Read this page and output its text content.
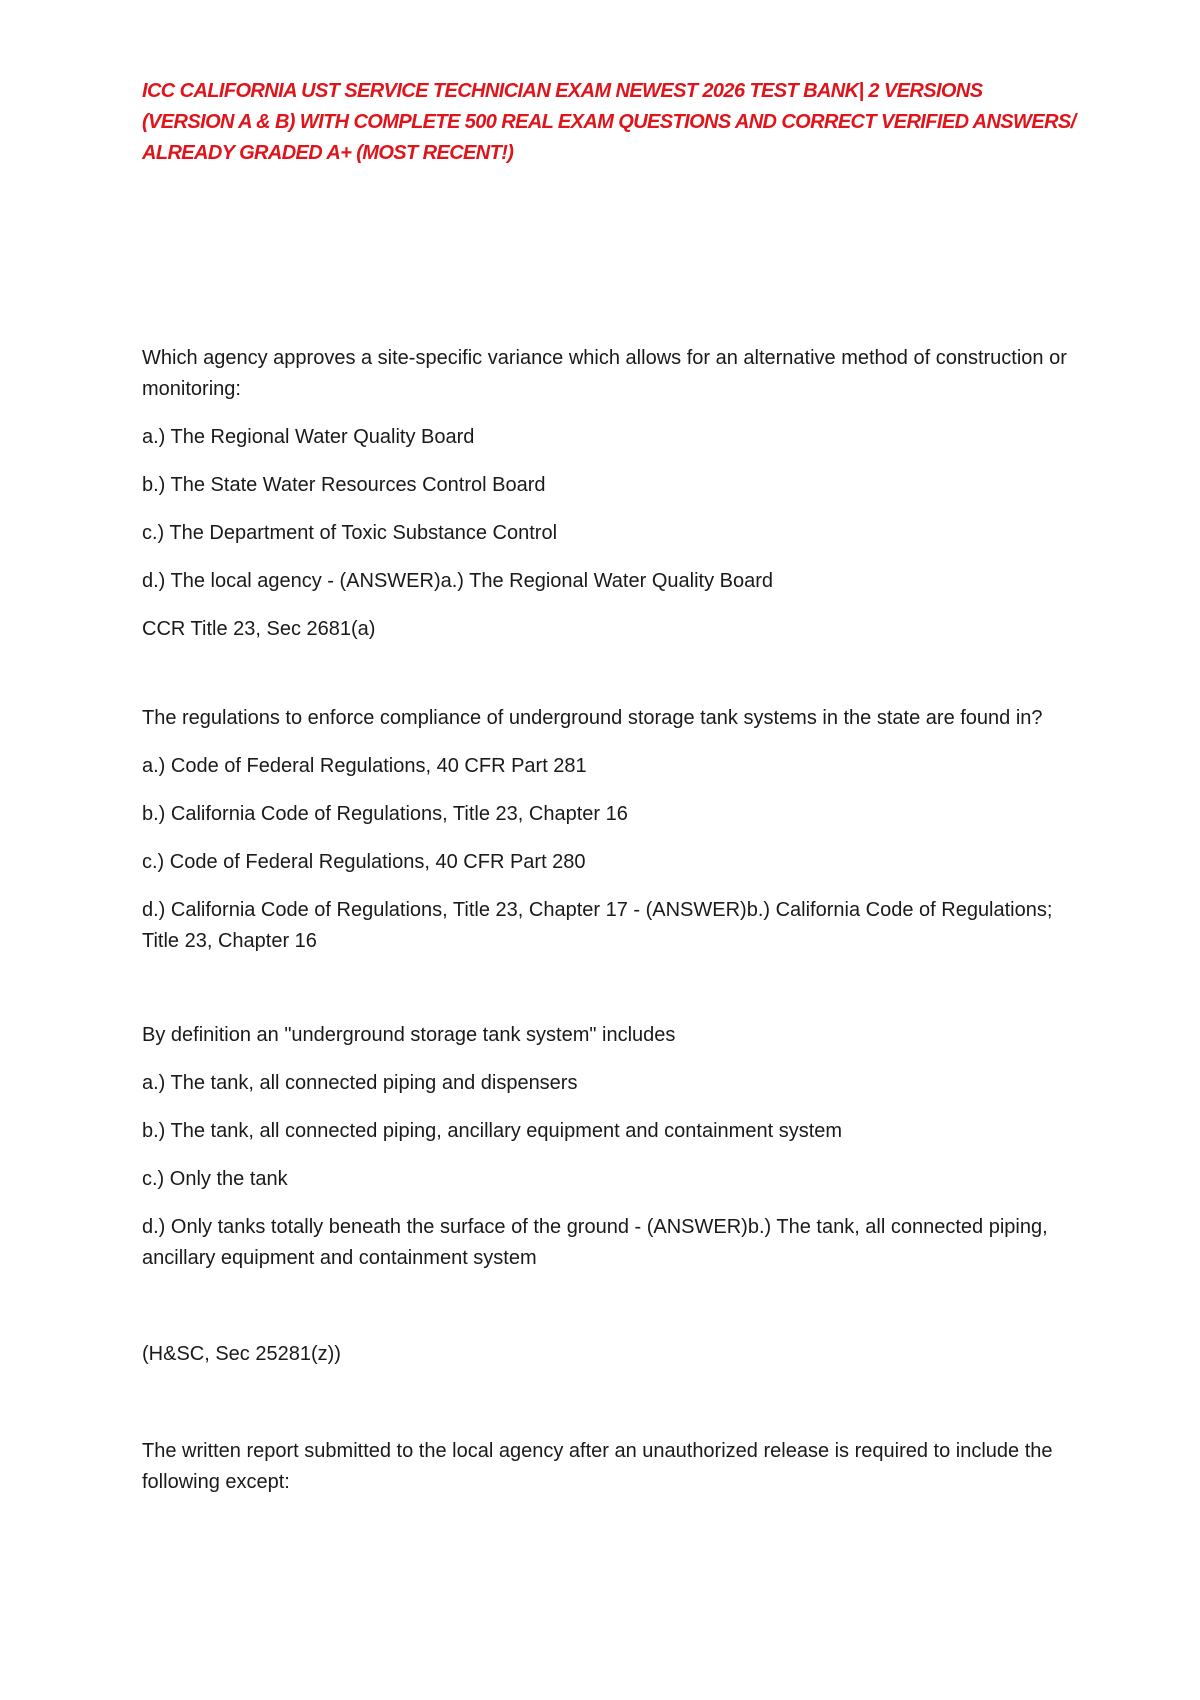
ICC CALIFORNIA UST SERVICE TECHNICIAN EXAM NEWEST 2026 TEST BANK| 2 VERSIONS (VERSION A & B) WITH COMPLETE 500 REAL EXAM QUESTIONS AND CORRECT VERIFIED ANSWERS/ ALREADY GRADED A+ (MOST RECENT!)

Which agency approves a site-specific variance which allows for an alternative method of construction or monitoring:

a.) The Regional Water Quality Board

b.) The State Water Resources Control Board

c.) The Department of Toxic Substance Control

d.) The local agency - (ANSWER)a.) The Regional Water Quality Board

CCR Title 23, Sec 2681(a)

The regulations to enforce compliance of underground storage tank systems in the state are found in?

a.) Code of Federal Regulations, 40 CFR Part 281

b.) California Code of Regulations, Title 23, Chapter 16

c.) Code of Federal Regulations, 40 CFR Part 280

d.) California Code of Regulations, Title 23, Chapter 17 - (ANSWER)b.) California Code of Regulations; Title 23, Chapter 16

By definition an "underground storage tank system" includes

a.) The tank, all connected piping and dispensers

b.) The tank, all connected piping, ancillary equipment and containment system

c.) Only the tank

d.) Only tanks totally beneath the surface of the ground - (ANSWER)b.) The tank, all connected piping, ancillary equipment and containment system

(H&SC, Sec 25281(z))

The written report submitted to the local agency after an unauthorized release is required to include the following except:
